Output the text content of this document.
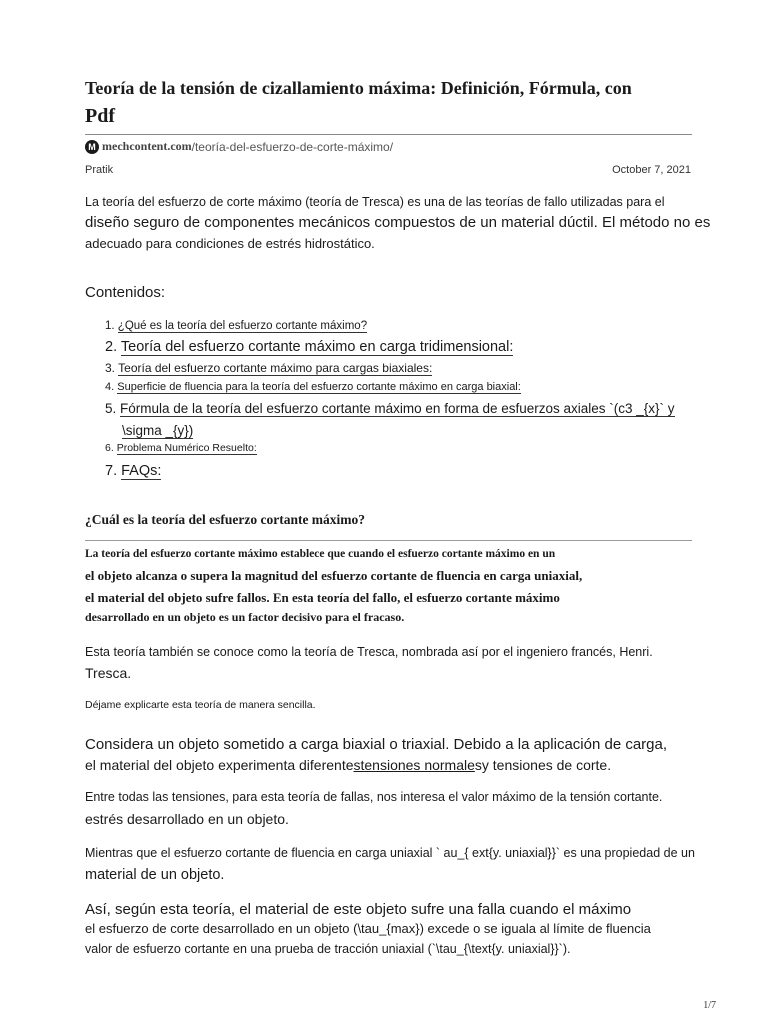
Teoría de la tensión de cizallamiento máxima: Definición, Fórmula, con
Pdf
M mechcontent.com /teoría-del-esfuerzo-de-corte-máximo/
Pratik	October 7, 2021
La teoría del esfuerzo de corte máximo (teoría de Tresca) es una de las teorías de fallo utilizadas para el
diseño seguro de componentes mecánicos compuestos de un material dúctil. El método no es
adecuado para condiciones de estrés hidrostático.
Contenidos:
1. ¿Qué es la teoría del esfuerzo cortante máximo?
2. Teoría del esfuerzo cortante máximo en carga tridimensional:
3. Teoría del esfuerzo cortante máximo para cargas biaxiales:
4. Superficie de fluencia para la teoría del esfuerzo cortante máximo en carga biaxial:
5. Fórmula de la teoría del esfuerzo cortante máximo en forma de esfuerzos axiales `(c3 _{x}` y
\sigma _{y})
6. Problema Numérico Resuelto:
7. FAQs:
¿Cuál es la teoría del esfuerzo cortante máximo?
La teoría del esfuerzo cortante máximo establece que cuando el esfuerzo cortante máximo en un
el objeto alcanza o supera la magnitud del esfuerzo cortante de fluencia en carga uniaxial,
el material del objeto sufre fallos. En esta teoría del fallo, el esfuerzo cortante máximo
desarrollado en un objeto es un factor decisivo para el fracaso.
Esta teoría también se conoce como la teoría de Tresca, nombrada así por el ingeniero francés, Henri.
Tresca.
Déjame explicarte esta teoría de manera sencilla.
Considera un objeto sometido a carga biaxial o triaxial. Debido a la aplicación de carga,
el material del objeto experimenta diferentestensiones normalesy tensiones de corte.
Entre todas las tensiones, para esta teoría de fallas, nos interesa el valor máximo de la tensión cortante.
estrés desarrollado en un objeto.
Mientras que el esfuerzo cortante de fluencia en carga uniaxial ` au_{ ext{y. uniaxial}}` es una propiedad de un
material de un objeto.
Así, según esta teoría, el material de este objeto sufre una falla cuando el máximo
el esfuerzo de corte desarrollado en un objeto (\tau_{max}) excede o se iguala al límite de fluencia
valor de esfuerzo cortante en una prueba de tracción uniaxial (`\tau_{\text{y. uniaxial}}`).
1/7
